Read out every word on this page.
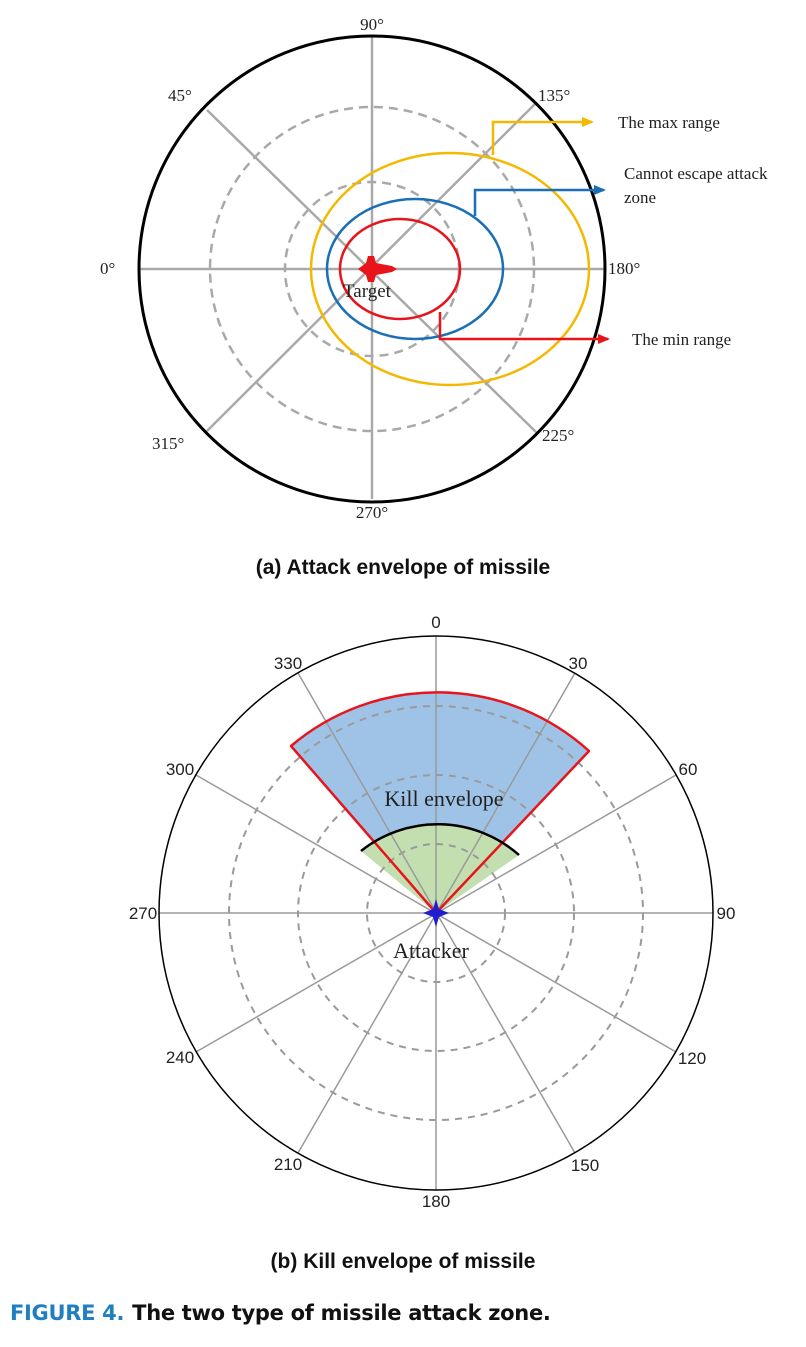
90°
45°	135°
0°	180°
315°	225°
270°
Target
The max range
Cannot escape attack
zone
The min range
0
30
60
90
120
150
180
210
240
270
300
330
Kill envelope
Attacker
(a) Attack envelope of missile
(b) Kill envelope of missile
FIGURE 4. The two type of missile attack zone.
